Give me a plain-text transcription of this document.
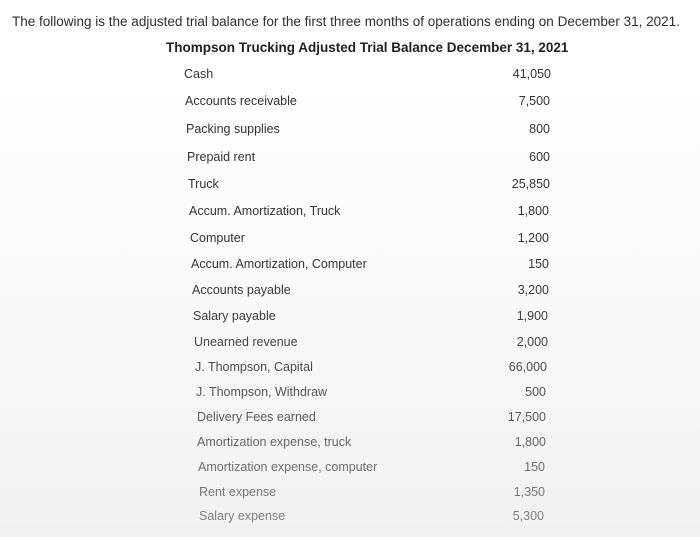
The following is the adjusted trial balance for the first three months of operations ending on December 31, 2021.
Thompson Trucking Adjusted Trial Balance December 31, 2021
Cash	41,050
Accounts receivable	7,500
Packing supplies	800
Prepaid rent	600
Truck	25,850
Accum. Amortization, Truck	1,800
Computer	1,200
Accum. Amortization, Computer	150
Accounts payable	3,200
Salary payable	1,900
Unearned revenue	2,000
J. Thompson, Capital	66,000
J. Thompson, Withdraw	500
Delivery Fees earned	17,500
Amortization expense, truck	1,800
Amortization expense, computer	150
Rent expense	1,350
Salary expense	5,300
